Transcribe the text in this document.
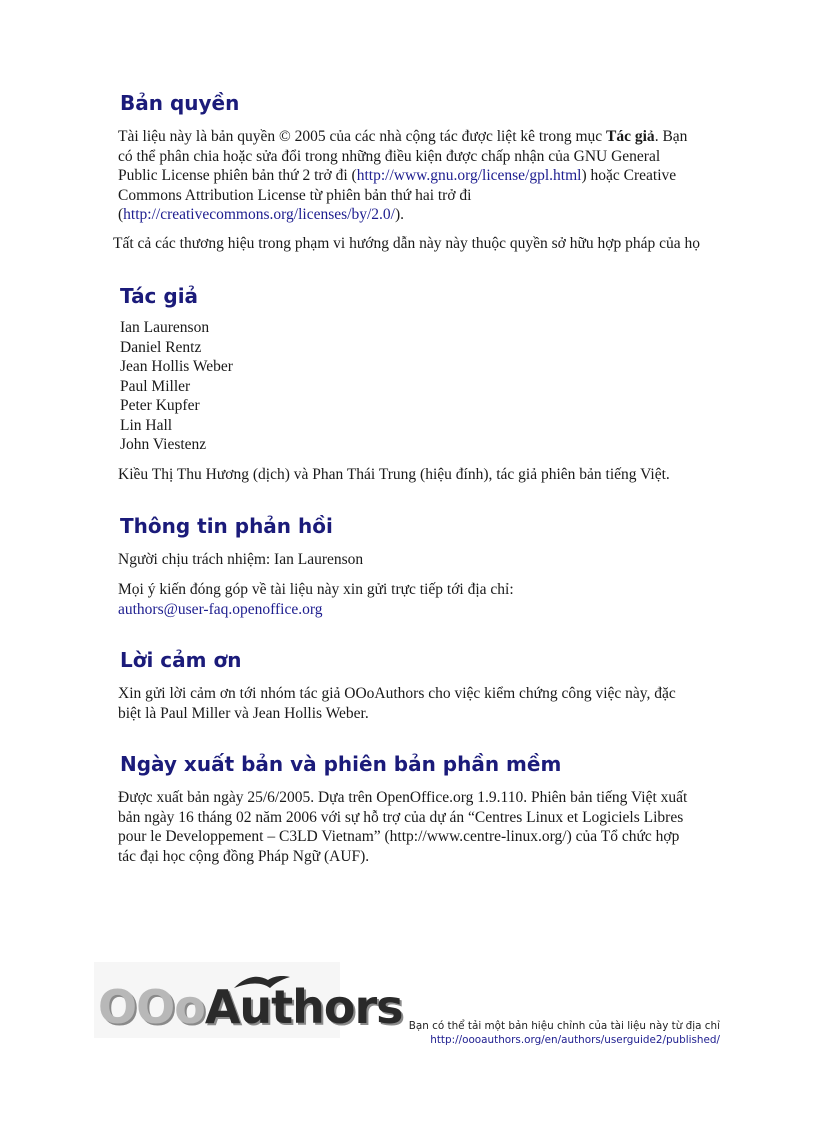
Bản quyền
Tài liệu này là bản quyền © 2005 của các nhà cộng tác được liệt kê trong mục Tác giả. Bạn
có thể phân chia hoặc sửa đổi trong những điều kiện được chấp nhận của GNU General
Public License phiên bản thứ 2 trở đi (http://www.gnu.org/license/gpl.html) hoặc Creative
Commons Attribution License từ phiên bản thứ hai trở đi
(http://creativecommons.org/licenses/by/2.0/).
Tất cả các thương hiệu trong phạm vi hướng dẫn này này thuộc quyền sở hữu hợp pháp của họ
Tác giả
Ian Laurenson
Daniel Rentz
Jean Hollis Weber
Paul Miller
Peter Kupfer
Lin Hall
John Viestenz
Kiều Thị Thu Hương (dịch) và Phan Thái Trung (hiệu đính), tác giả phiên bản tiếng Việt.
Thông tin phản hồi
Người chịu trách nhiệm: Ian Laurenson
Mọi ý kiến đóng góp về tài liệu này xin gửi trực tiếp tới địa chỉ:
authors@user-faq.openoffice.org
Lời cảm ơn
Xin gửi lời cảm ơn tới nhóm tác giả OOoAuthors cho việc kiểm chứng công việc này, đặc
biệt là Paul Miller và Jean Hollis Weber.
Ngày xuất bản và phiên bản phần mềm
Được xuất bản ngày 25/6/2005. Dựa trên OpenOffice.org 1.9.110. Phiên bản tiếng Việt xuất
bản ngày 16 tháng 02 năm 2006 với sự hỗ trợ của dự án “Centres Linux et Logiciels Libres
pour le Developpement – C3LD Vietnam” (http://www.centre-linux.org/) của Tổ chức hợp
tác đại học cộng đồng Pháp Ngữ (AUF).
OOoAuthors Bạn có thể tải một bản hiệu chỉnh của tài liệu này từ địa chỉ
http://oooauthors.org/en/authors/userguide2/published/
